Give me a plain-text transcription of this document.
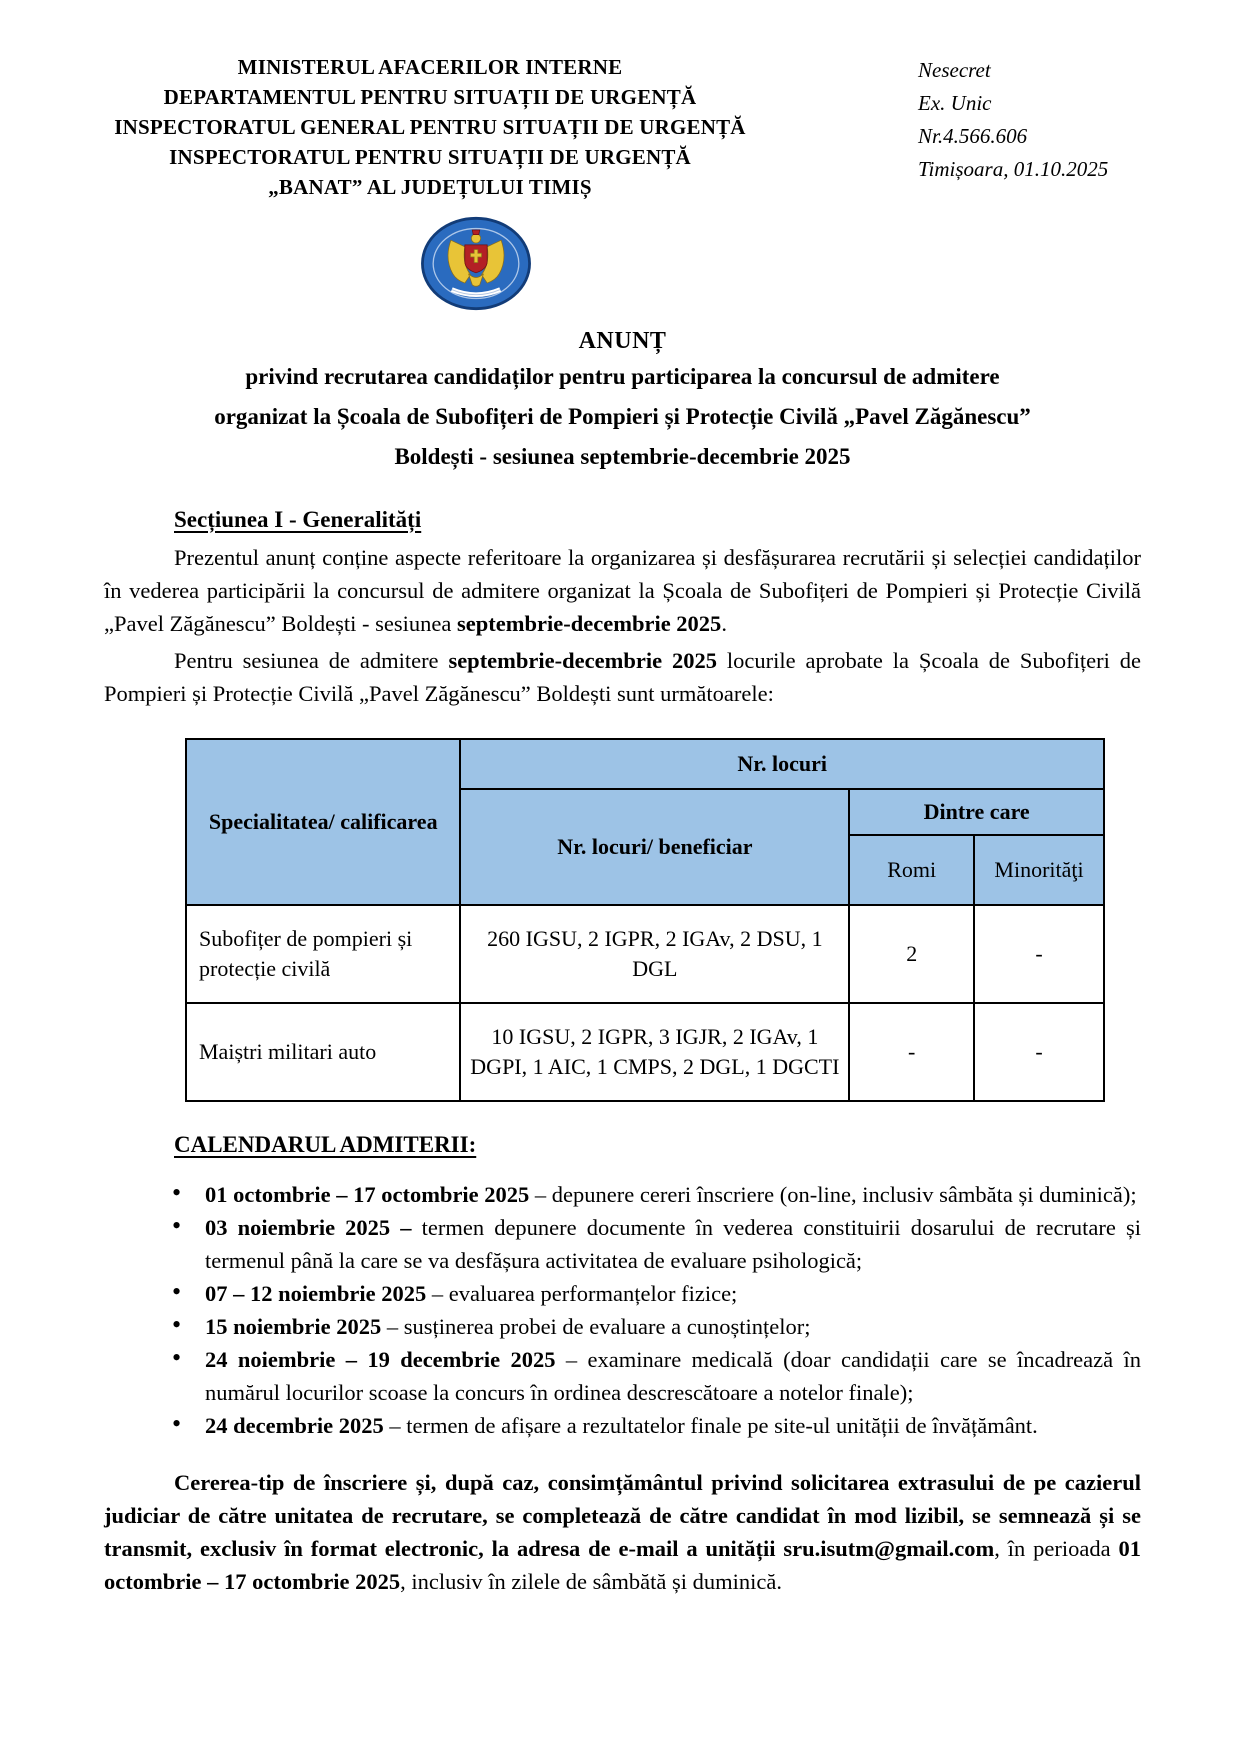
MINISTERUL AFACERILOR INTERNE
DEPARTAMENTUL PENTRU SITUAȚII DE URGENȚĂ
INSPECTORATUL GENERAL PENTRU SITUAȚII DE URGENȚĂ
INSPECTORATUL PENTRU SITUAȚII DE URGENȚĂ
„BANAT” AL JUDEȚULUI TIMIȘ
Nesecret
Ex. Unic
Nr.4.566.606
Timișoara, 01.10.2025
ANUNȚ
privind recrutarea candidaților pentru participarea la concursul de admitere
organizat la Școala de Subofițeri de Pompieri și Protecție Civilă „Pavel Zăgănescu”
Boldești - sesiunea septembrie-decembrie 2025
Secțiunea I - Generalități

Prezentul anunț conține aspecte referitoare la organizarea și desfășurarea recrutării și selecției candidaților în vederea participării la concursul de admitere organizat la Școala de Subofițeri de Pompieri și Protecție Civilă „Pavel Zăgănescu” Boldești - sesiunea septembrie-decembrie 2025.

Pentru sesiunea de admitere septembrie-decembrie 2025 locurile aprobate la Școala de Subofițeri de Pompieri și Protecție Civilă „Pavel Zăgănescu” Boldești sunt următoarele:

Specialitatea/ calificarea	Nr. locuri		
	Nr. locuri/ beneficiar	Dintre care	
		Romi	Minorităţi
Subofițer de pompieri și protecție civilă	260 IGSU, 2 IGPR, 2 IGAv, 2 DSU, 1 DGL	2	-
Maiștri militari auto	10 IGSU, 2 IGPR, 3 IGJR, 2 IGAv, 1 DGPI, 1 AIC, 1 CMPS, 2 DGL, 1 DGCTI	-	-
CALENDARUL ADMITERII:
• 01 octombrie – 17 octombrie 2025 – depunere cereri înscriere (on-line, inclusiv sâmbăta și duminică);
• 03 noiembrie 2025 – termen depunere documente în vederea constituirii dosarului de recrutare și termenul până la care se va desfășura activitatea de evaluare psihologică;
• 07 – 12 noiembrie 2025 – evaluarea performanțelor fizice;
• 15 noiembrie 2025 – susținerea probei de evaluare a cunoștințelor;
• 24 noiembrie – 19 decembrie 2025 – examinare medicală (doar candidații care se încadrează în numărul locurilor scoase la concurs în ordinea descrescătoare a notelor finale);
• 24 decembrie 2025 – termen de afișare a rezultatelor finale pe site-ul unității de învățământ.

Cererea-tip de înscriere și, după caz, consimțământul privind solicitarea extrasului de pe cazierul judiciar de către unitatea de recrutare, se completează de către candidat în mod lizibil, se semnează și se transmit, exclusiv în format electronic, la adresa de e-mail a unității sru.isutm@gmail.com, în perioada 01 octombrie – 17 octombrie 2025, inclusiv în zilele de sâmbătă și duminică.
